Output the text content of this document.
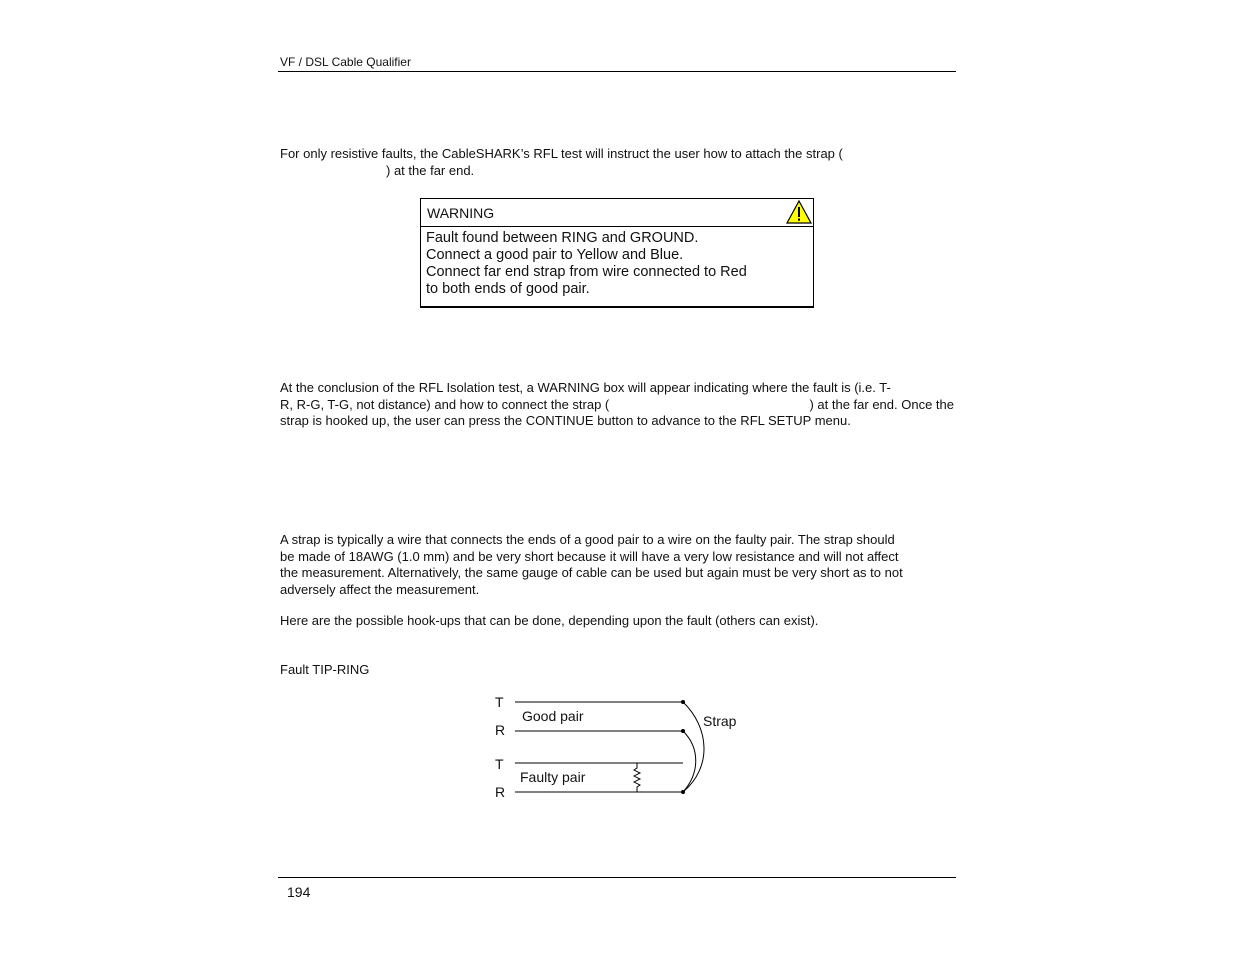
VF / DSL Cable Qualifier
For only resistive faults, the CableSHARK’s RFL test will instruct the user how to attach the strap (
) at the far end.
WARNING
Fault found between RING and GROUND.
Connect a good pair to Yellow and Blue.
Connect far end strap from wire connected to Red
to both ends of good pair.
At the conclusion of the RFL Isolation test, a WARNING box will appear indicating where the fault is (i.e. T-
R, R-G, T-G, not distance) and how to connect the strap (	) at the far end. Once the
strap is hooked up, the user can press the CONTINUE button to advance to the RFL SETUP menu.
A strap is typically a wire that connects the ends of a good pair to a wire on the faulty pair. The strap should
be made of 18AWG (1.0 mm) and be very short because it will have a very low resistance and will not affect
the measurement. Alternatively, the same gauge of cable can be used but again must be very short as to not
adversely affect the measurement.
Here are the possible hook-ups that can be done, depending upon the fault (others can exist).
Fault TIP-RING
T
R
T
R
Good pair
Faulty pair
Strap
194
